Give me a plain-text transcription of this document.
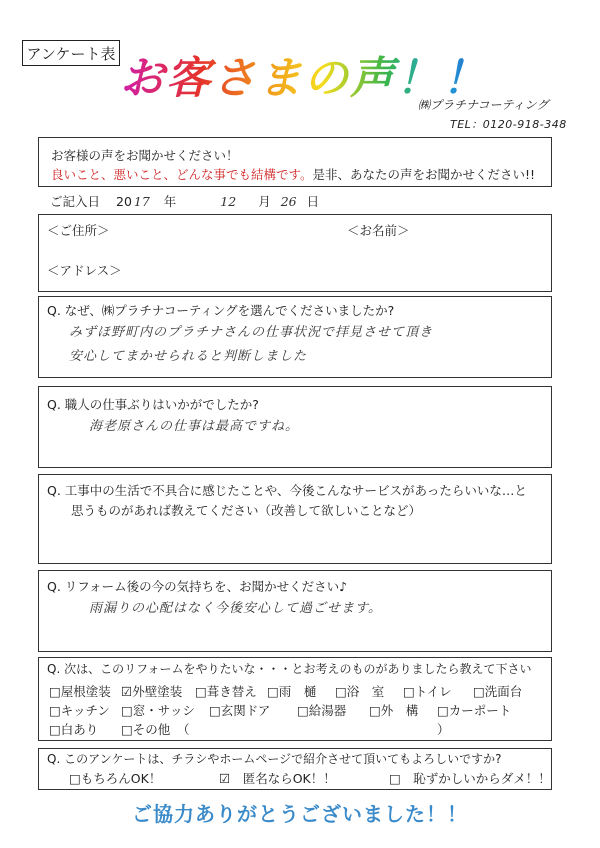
アンケート表 お客さまの声！！
㈱プラチナコーティング
TEL：0120-918-348
お客様の声をお聞かせください！
良いこと、悪いこと、どんな事でも結構です。是非、あなたの声をお聞かせください!!
ご記入日 20 17 年	12 月 26 日
＜ご住所＞	＜お名前＞
＜アドレス＞
Q. なぜ、㈱プラチナコーティングを選んでくださいましたか?
みずほ野町内のプラチナさんの仕事状況で拝見させて頂き
安心してまかせられると判断しました
Q. 職人の仕事ぶりはいかがでしたか?
海老原さんの仕事は最高ですね。
Q. 工事中の生活で不具合に感じたことや、今後こんなサービスがあったらいいな…と
思うものがあれば教えてください（改善して欲しいことなど）
Q. リフォーム後の今の気持ちを、お聞かせください♪
雨漏りの心配はなく今後安心して過ごせます。
Q. 次は、このリフォームをやりたいな・・・とお考えのものがありましたら教えて下さい
□屋根塗装 ☑外壁塗装 □葺き替え □雨　樋 □浴　室 □トイレ □洗面台
□キッチン □窓・サッシ □玄関ドア □給湯器 □外　構 □カーポート
□白あり □その他 （	）
Q. このアンケートは、チラシやホームページで紹介させて頂いてもよろしいですか?
□もちろんOK！	☑　匿名ならOK！！	□　恥ずかしいからダメ！！
ご協力ありがとうございました！！
